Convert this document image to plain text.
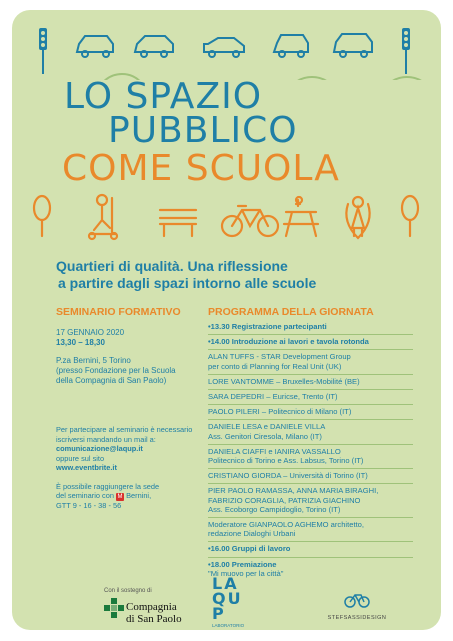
LO SPAZIO
PUBBLICO
COME SCUOLA
Quartieri di qualità. Una riflessione
a partire dagli spazi intorno alle scuole
SEMINARIO FORMATIVO	PROGRAMMA DELLA GIORNATA
17 GENNAIO 2020
13,30 – 18,30
P.za Bernini, 5 Torino
(presso Fondazione per la Scuola
della Compagnia di San Paolo)
Per partecipare al seminario è necessario
iscriversi mandando un mail a:
comunicazione@laqup.it
oppure sul sito
www.eventbrite.it
È possibile raggiungere la sede
del seminario con M Bernini,
GTT 9 - 16 - 38 - 56
•13.30 Registrazione partecipanti
•14.00 Introduzione ai lavori e tavola rotonda
ALAN TUFFS - STAR Development Group
per conto di Planning for Real Unit (UK)
LORE VANTOMME – Bruxelles-Mobilité (BE)
SARA DEPEDRI – Euricse, Trento (IT)
PAOLO PILERI – Politecnico di Milano (IT)
DANIELE LESA e DANIELE VILLA
Ass. Genitori Ciresola, Milano (IT)
DANIELA CIAFFI e IANIRA VASSALLO
Politecnico di Torino e Ass. Labsus, Torino (IT)
CRISTIANO GIORDA – Università di Torino (IT)
PIER PAOLO RAMASSA, ANNA MARIA BIRAGHI,
FABRIZIO CORAGLIA, PATRIZIA GIACHINO
Ass. Ecoborgo Campidoglio, Torino (IT)
Moderatore GIANPAOLO AGHEMO architetto,
redazione Dialoghi Urbani
•16.00 Gruppi di lavoro
•18.00 Premiazione
"Mi muovo per la città"
Con il sostegno di
Compagnia
di San Paolo
LA QU P
LABORATORIO
STEFSASSIDESIGN
